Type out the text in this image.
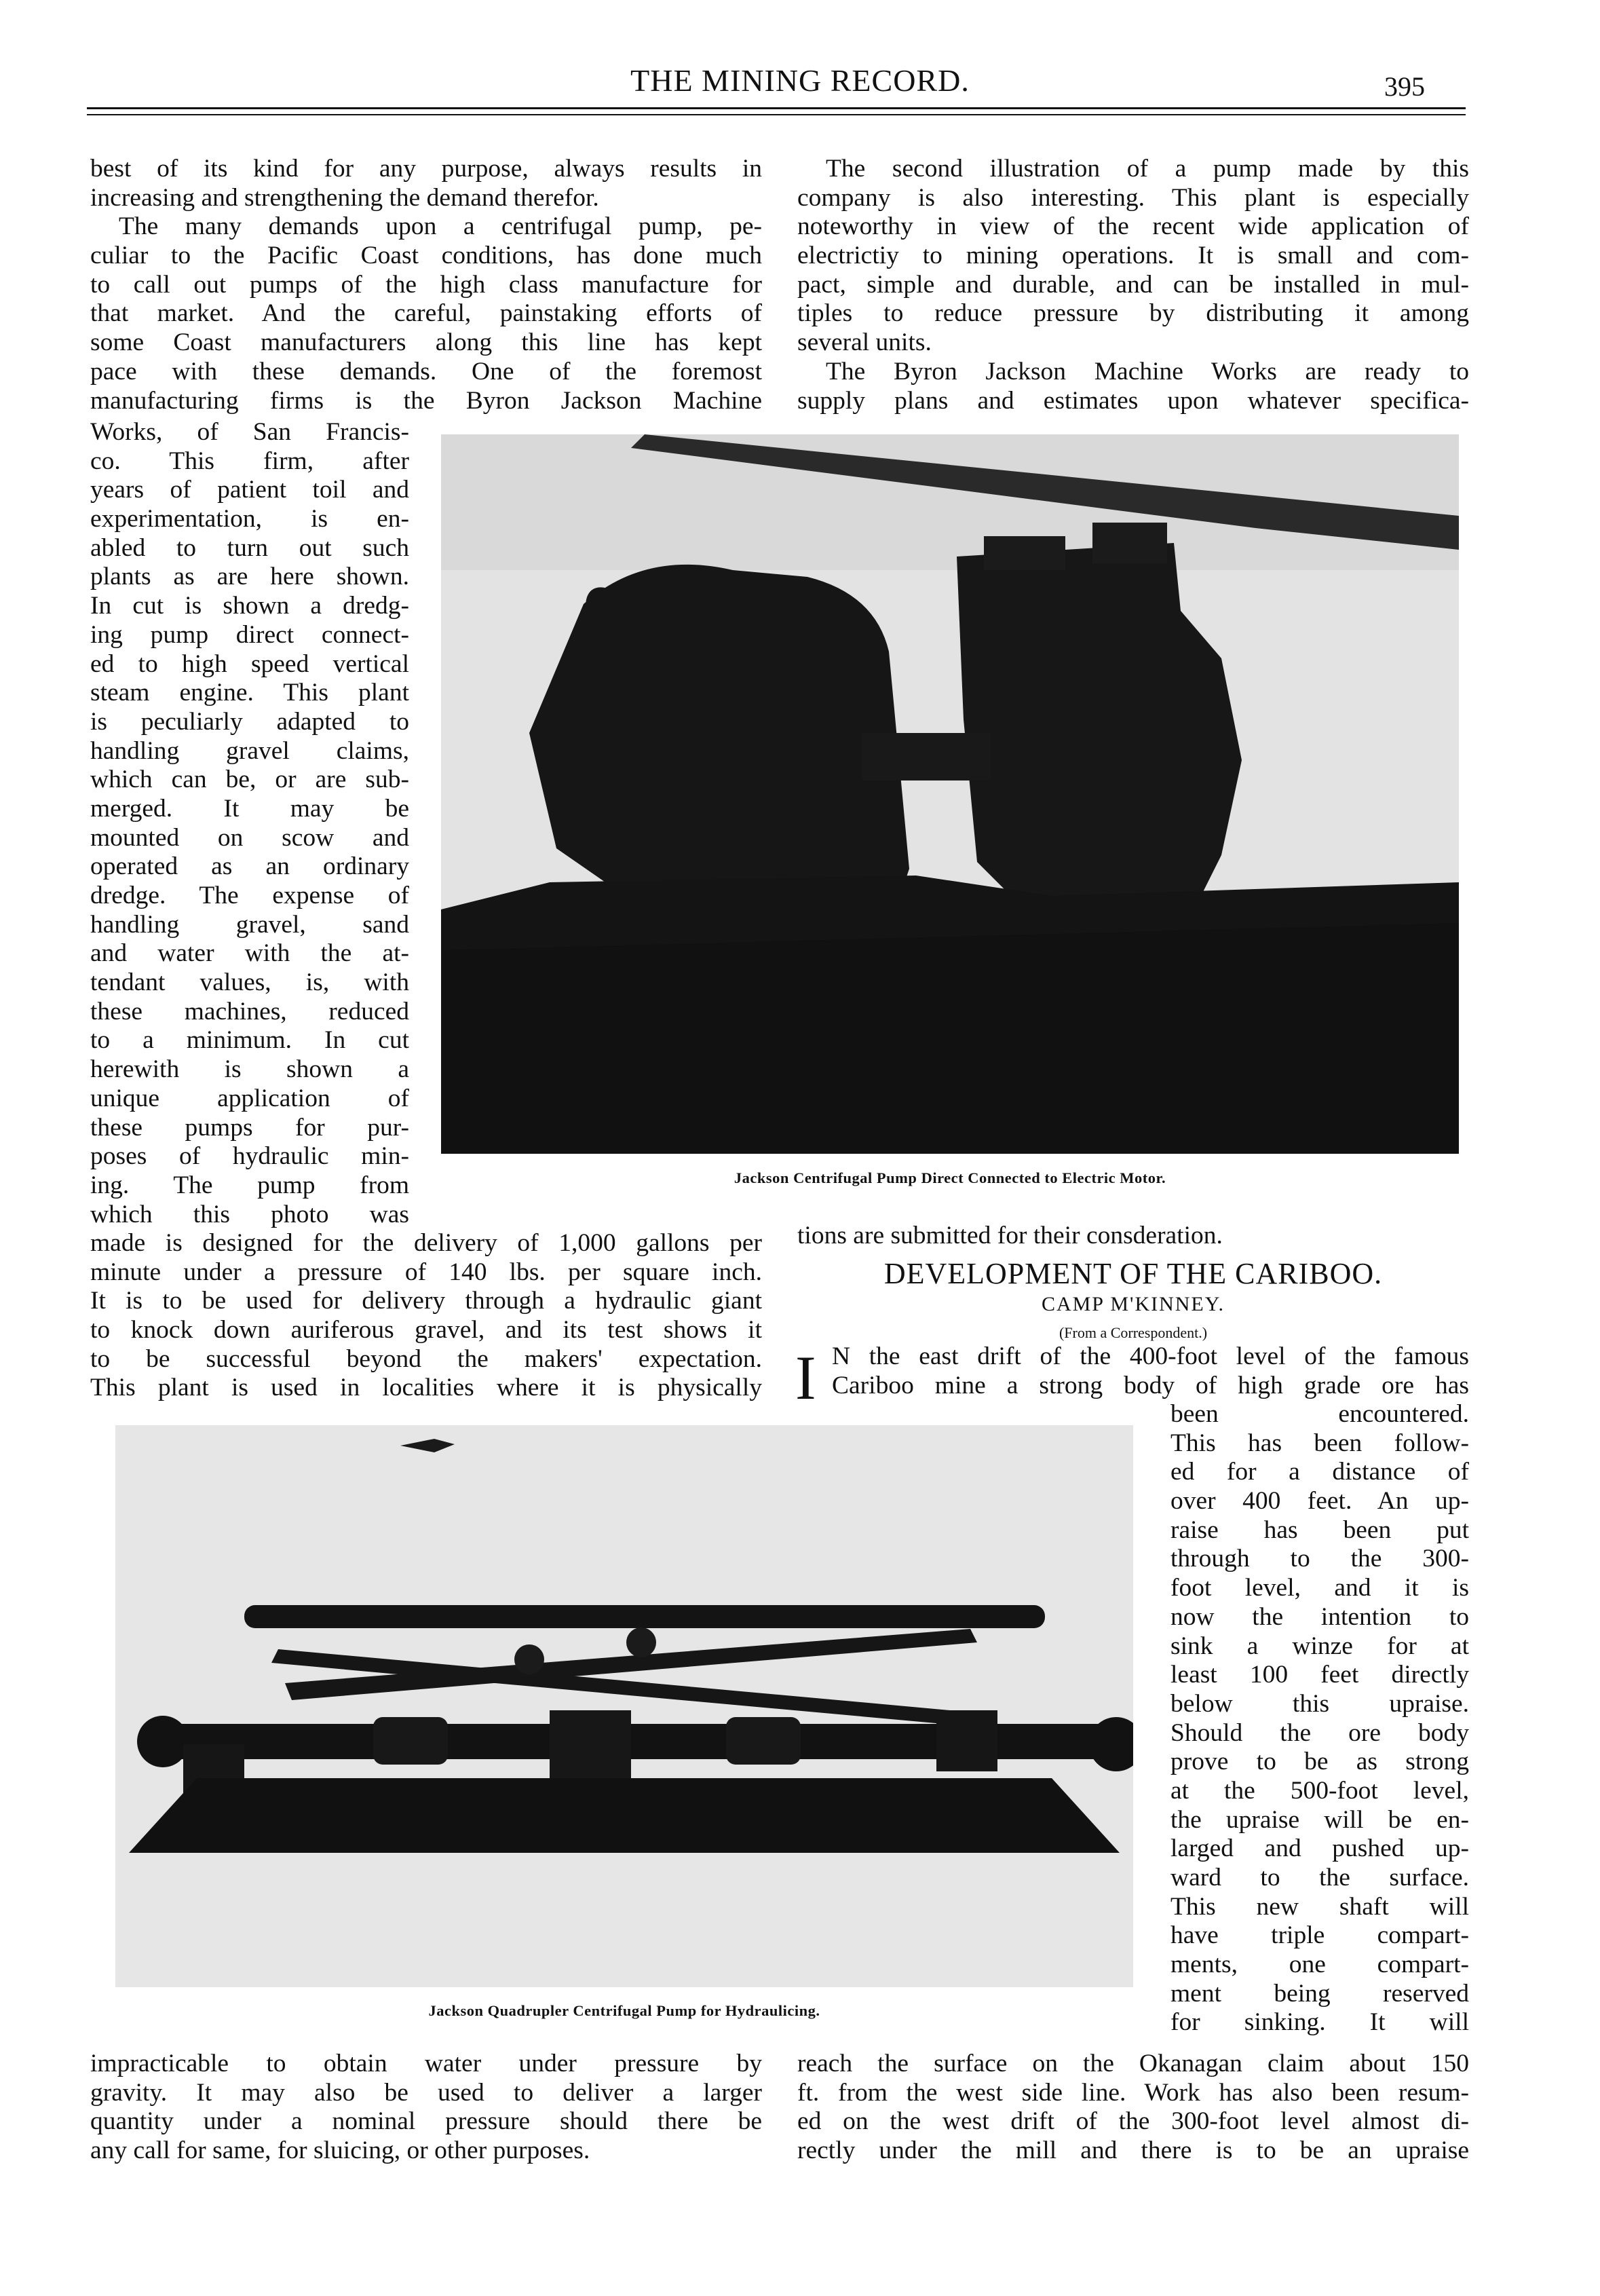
THE MINING RECORD.	395
best of its kind for any purpose, always results in
increasing and strengthening the demand therefor.
The many demands upon a centrifugal pump, pe-
culiar to the Pacific Coast conditions, has done much
to call out pumps of the high class manufacture for
that market. And the careful, painstaking efforts of
some Coast manufacturers along this line has kept
pace with these demands. One of the foremost
manufacturing firms is the Byron Jackson Machine
Works, of San Francis-
co. This firm, after
years of patient toil and
experimentation, is en-
abled to turn out such
plants as are here shown.
In cut is shown a dredg-
ing pump direct connect-
ed to high speed vertical
steam engine. This plant
is peculiarly adapted to
handling gravel claims,
which can be, or are sub-
merged. It may be
mounted on scow and
operated as an ordinary
dredge. The expense of
handling gravel, sand
and water with the at-
tendant values, is, with
these machines, reduced
to a minimum. In cut
herewith is shown a
unique application of
these pumps for pur-
poses of hydraulic min-
ing. The pump from
which this photo was
made is designed for the delivery of 1,000 gallons per
minute under a pressure of 140 lbs. per square inch.
It is to be used for delivery through a hydraulic giant
to knock down auriferous gravel, and its test shows it
to be successful beyond the makers' expectation.
This plant is used in localities where it is physically
The second illustration of a pump made by this
company is also interesting. This plant is especially
noteworthy in view of the recent wide application of
electrictiy to mining operations. It is small and com-
pact, simple and durable, and can be installed in mul-
tiples to reduce pressure by distributing it among
several units.
The Byron Jackson Machine Works are ready to
supply plans and estimates upon whatever specifica-
Jackson Centrifugal Pump Direct Connected to Electric Motor.
tions are submitted for their consderation.
DEVELOPMENT OF THE CARIBOO.
CAMP M'KINNEY.
(From a Correspondent.)
I N the east drift of the 400-foot level of the famous
Cariboo mine a strong body of high grade ore has
been encountered.
This has been follow-
ed for a distance of
over 400 feet. An up-
raise has been put
through to the 300-
foot level, and it is
now the intention to
sink a winze for at
least 100 feet directly
below this upraise.
Should the ore body
prove to be as strong
at the 500-foot level,
the upraise will be en-
larged and pushed up-
ward to the surface.
This new shaft will
have triple compart-
ments, one compart-
ment being reserved
for sinking. It will
Jackson Quadrupler Centrifugal Pump for Hydraulicing.
impracticable to obtain water under pressure by
gravity. It may also be used to deliver a larger
quantity under a nominal pressure should there be
any call for same, for sluicing, or other purposes.
reach the surface on the Okanagan claim about 150
ft. from the west side line. Work has also been resum-
ed on the west drift of the 300-foot level almost di-
rectly under the mill and there is to be an upraise
